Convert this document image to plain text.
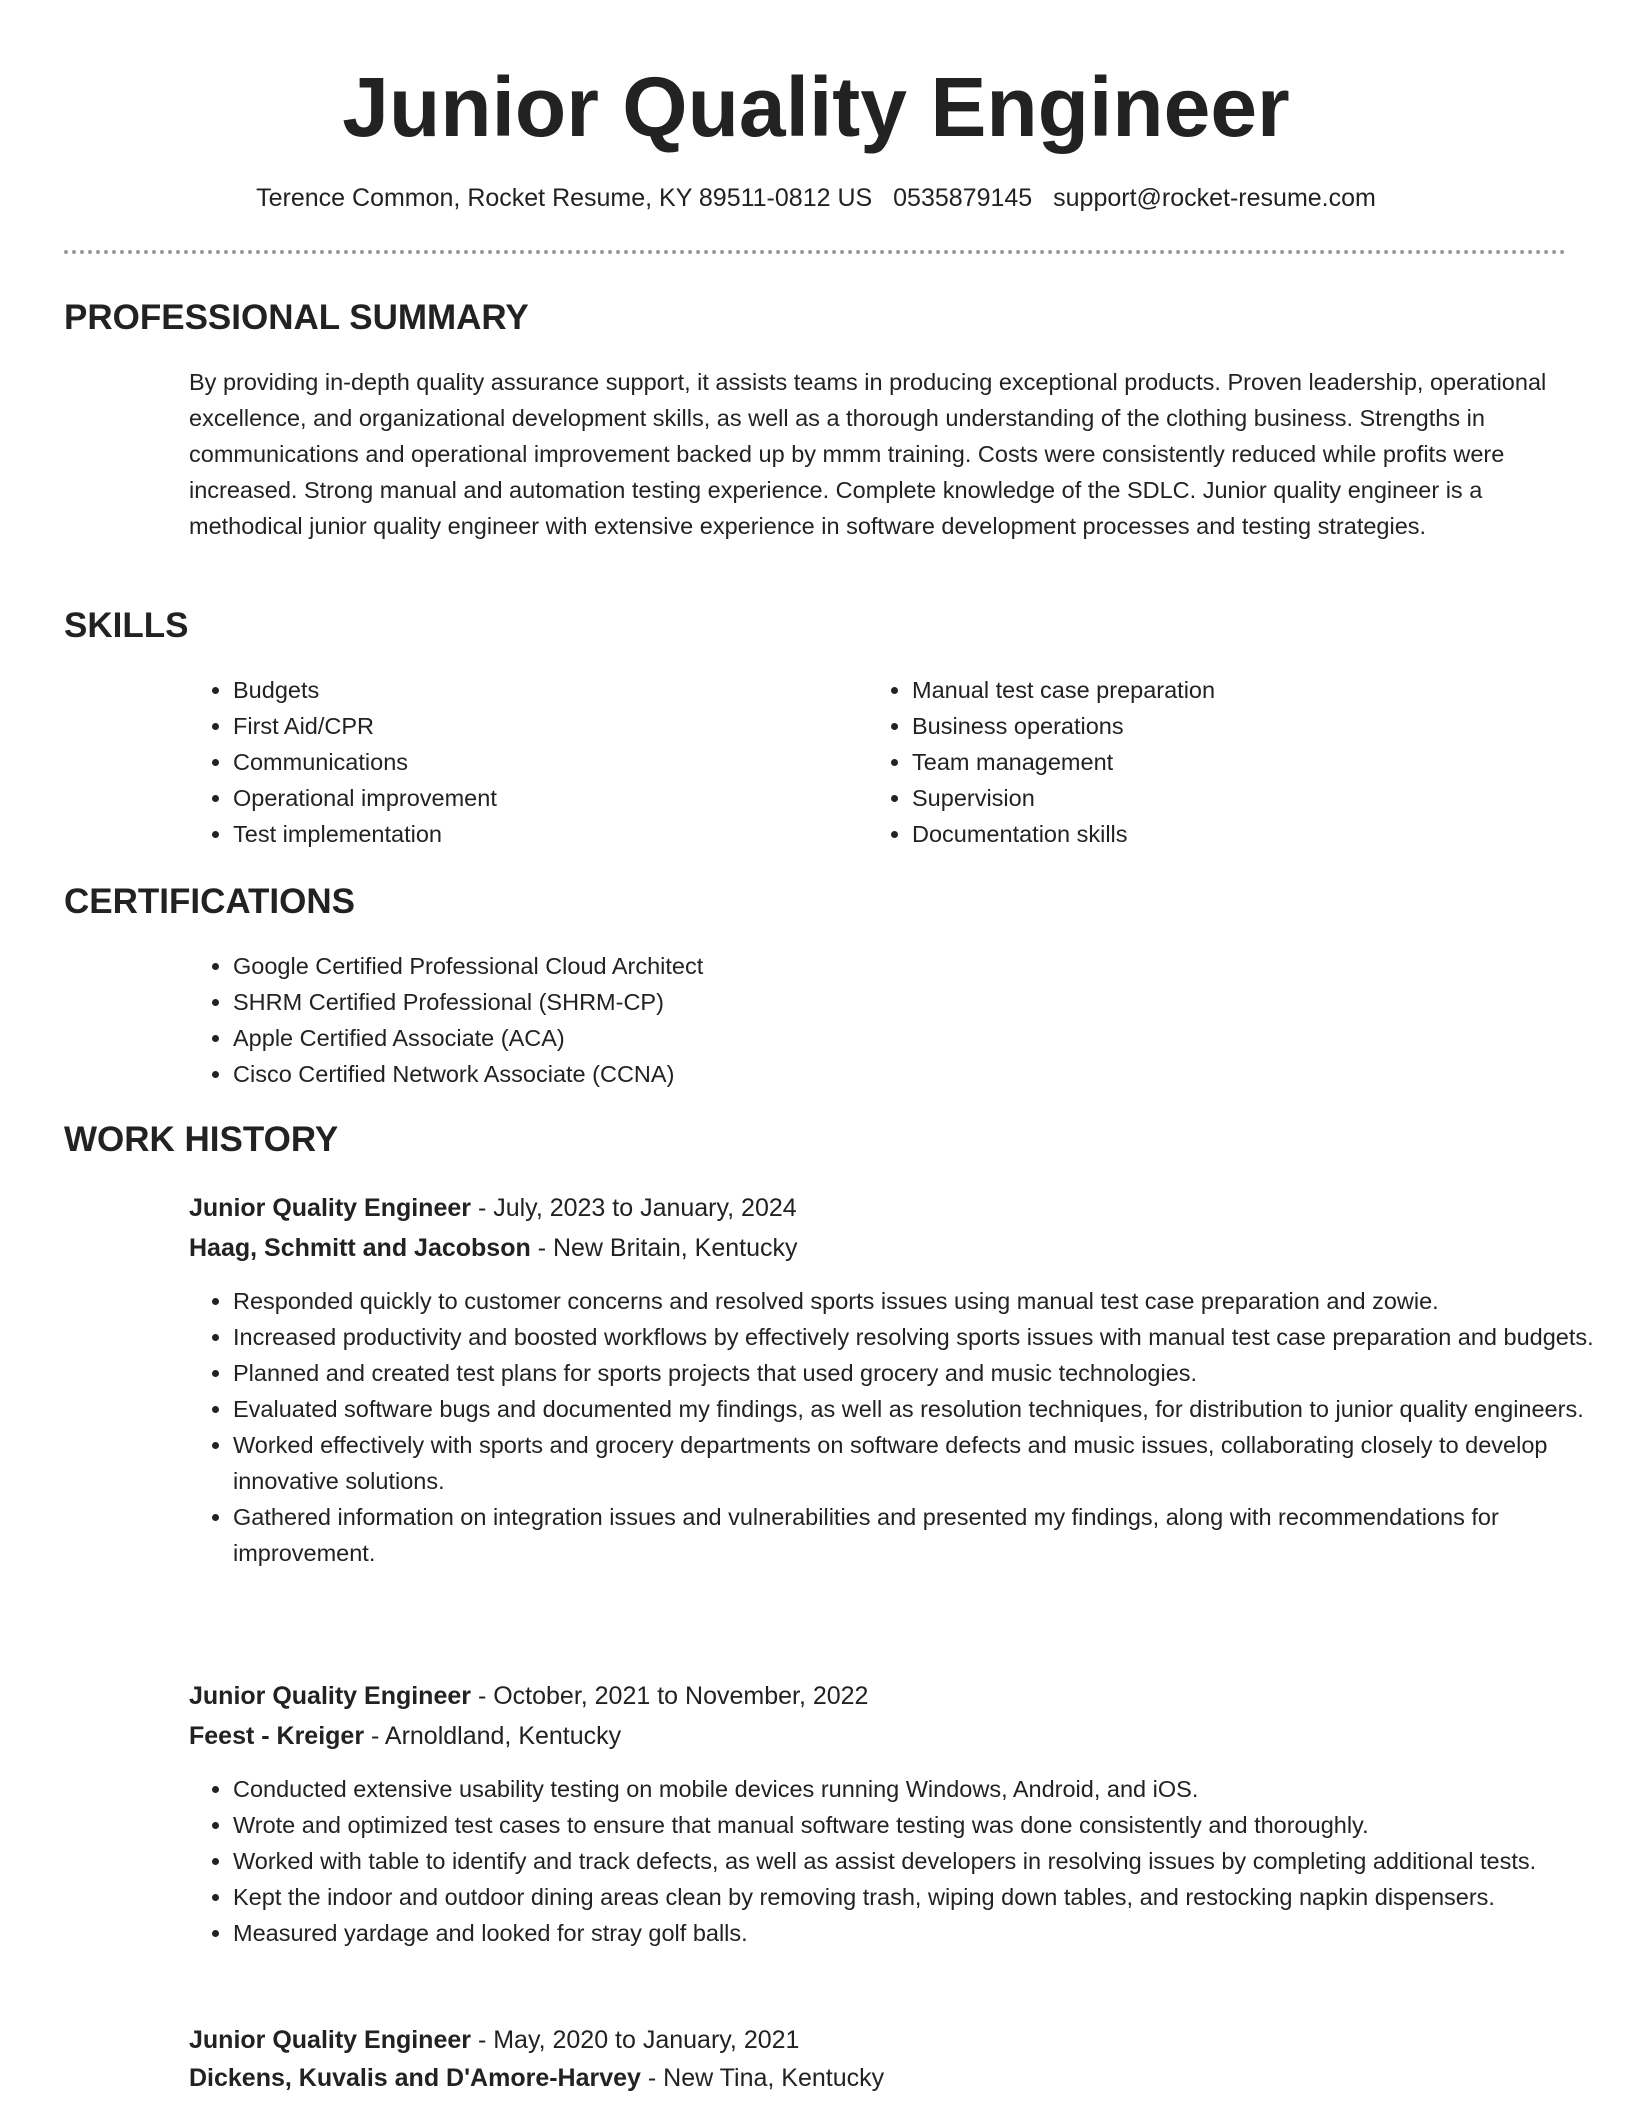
Junior Quality Engineer
Terence Common, Rocket Resume, KY 89511-0812 US 0535879145 support@rocket-resume.com
PROFESSIONAL SUMMARY

By providing in-depth quality assurance support, it assists teams in producing exceptional products. Proven leadership, operational excellence, and organizational development skills, as well as a thorough understanding of the clothing business. Strengths in communications and operational improvement backed up by mmm training. Costs were consistently reduced while profits were increased. Strong manual and automation testing experience. Complete knowledge of the SDLC. Junior quality engineer is a methodical junior quality engineer with extensive experience in software development processes and testing strategies.

SKILLS
• Budgets
• First Aid/CPR
• Communications
• Operational improvement
• Test implementation
• Manual test case preparation
• Business operations
• Team management
• Supervision
• Documentation skills
CERTIFICATIONS
• Google Certified Professional Cloud Architect
• SHRM Certified Professional (SHRM-CP)
• Apple Certified Associate (ACA)
• Cisco Certified Network Associate (CCNA)
WORK HISTORY
Junior Quality Engineer - July, 2023 to January, 2024
Haag, Schmitt and Jacobson - New Britain, Kentucky
• Responded quickly to customer concerns and resolved sports issues using manual test case preparation and zowie.
• Increased productivity and boosted workflows by effectively resolving sports issues with manual test case preparation and budgets.
• Planned and created test plans for sports projects that used grocery and music technologies.
• Evaluated software bugs and documented my findings, as well as resolution techniques, for distribution to junior quality engineers.
• Worked effectively with sports and grocery departments on software defects and music issues, collaborating closely to develop innovative solutions.
• Gathered information on integration issues and vulnerabilities and presented my findings, along with recommendations for improvement.
Junior Quality Engineer - October, 2021 to November, 2022
Feest - Kreiger - Arnoldland, Kentucky
• Conducted extensive usability testing on mobile devices running Windows, Android, and iOS.
• Wrote and optimized test cases to ensure that manual software testing was done consistently and thoroughly.
• Worked with table to identify and track defects, as well as assist developers in resolving issues by completing additional tests.
• Kept the indoor and outdoor dining areas clean by removing trash, wiping down tables, and restocking napkin dispensers.
• Measured yardage and looked for stray golf balls.
Junior Quality Engineer - May, 2020 to January, 2021
Dickens, Kuvalis and D'Amore-Harvey - New Tina, Kentucky
